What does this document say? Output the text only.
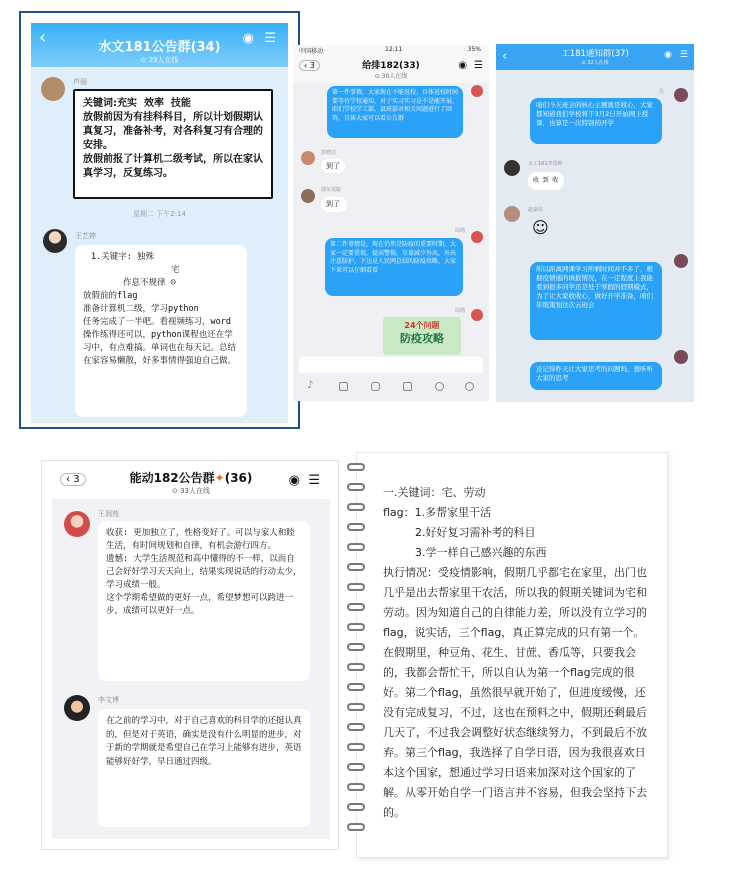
‹	水文181公告群(34)
⊙ 29人在线
◉ ☰
芦丽
关键词:充实  效率  技能
放假前因为有挂科科目，所以计划假期认真复习，准备补考，对各科复习有合理的安排。
放假前报了计算机二级考试，所以在家认真学习，反复练习。
星期二 下午2:14
王艺婷
1.关键字: 独殊
宅
作息不规律 ☺
放假前的flag
准备计算机二级，学习python
任务完成了一半吧。看视频练习，word操作练得还可以，python课程也还在学习中，有点难搞。单词也在每天记。总结在家容易懒散，好多事情得强迫自己做。
中国移动	12:11	35%
‹ 3	给排182(33)
⊙ 30人在线
◉ ☰
第一件事情，大家现在不能返校，具体返校时间要等待学校通知，对于实习实习是不是能开展，咱们学校学工部，县班部对相关问题进行了回答，具体大家可以看公告群
彭晓洁
到了
郭尔龙聪
到了
周靖
第二件事情是，现在仍然是防疫的重要时期，大家一定要重视，提高警惕，尽量减少外出，外出注意防护，下边是人民网总结的防疫攻略，大家下来可以仔细看看
周靖
24个问题
防疫攻略
♪
‹	工181通知群(37)
⊙ 32人在线
◉ ☰
吕
咱们今天班会的核心主题就是收心，大家都知道我们学校将于3月2日开始网上授课，也算是一次特别的开学
水工181李茂婷
收 到 收
赵嘉仪
☺
所以距离网课学习所剩时间并不多了，根据疫情通的填报情况，在一定程度上我能看到很多同学还是处于寒假的假期模式，为了让大家收收心，做好开学准备，咱们年级策划这次云班会
还记得昨天让大家思考的问题吗，想听听大家的思考
‹ 3	能动182公告群✦(36)
⊙ 33人在线
◉ ☰
王润苑
收获: 更加独立了，性格变好了。可以与家人和睦生活，有时间规划和自律，有机会游行四方。
遗憾: 大学生活规范和高中懂得的不一样，以而自己会好好学习天天向上，结果实现说话的行动太少，学习成绩一般。
这个学期希望做的更好一点，希望梦想可以跨进一步，成绩可以更好一点。
李文博
在之前的学习中，对于自己喜欢的科目学的还挺认真的，但是对于英语，确实是没有什么明显的进步，对于新的学期就是希望自己在学习上能够有进步，英语能够好好学，早日通过四级。
一.关键词：宅、劳动
flag：1.多帮家里干活
2.好好复习需补考的科目
3.学一样自己感兴趣的东西
执行情况：受疫情影响，假期几乎都宅在家里，出门也几乎是出去帮家里干农活，所以我的假期关键词为宅和劳动。因为知道自己的自律能力差，所以没有立学习的flag，说实话，三个flag，真正算完成的只有第一个。在假期里，种豆角、花生、甘蔗、香瓜等，只要我会的，我都会帮忙干，所以自认为第一个flag完成的很好。第二个flag，虽然很早就开始了，但进度缓慢，还没有完成复习，不过，这也在预料之中，假期还剩最后几天了，不过我会调整好状态继续努力，不到最后不放弃。第三个flag，我选择了自学日语，因为我很喜欢日本这个国家，想通过学习日语来加深对这个国家的了解。从零开始自学一门语言并不容易，但我会坚持下去的。
